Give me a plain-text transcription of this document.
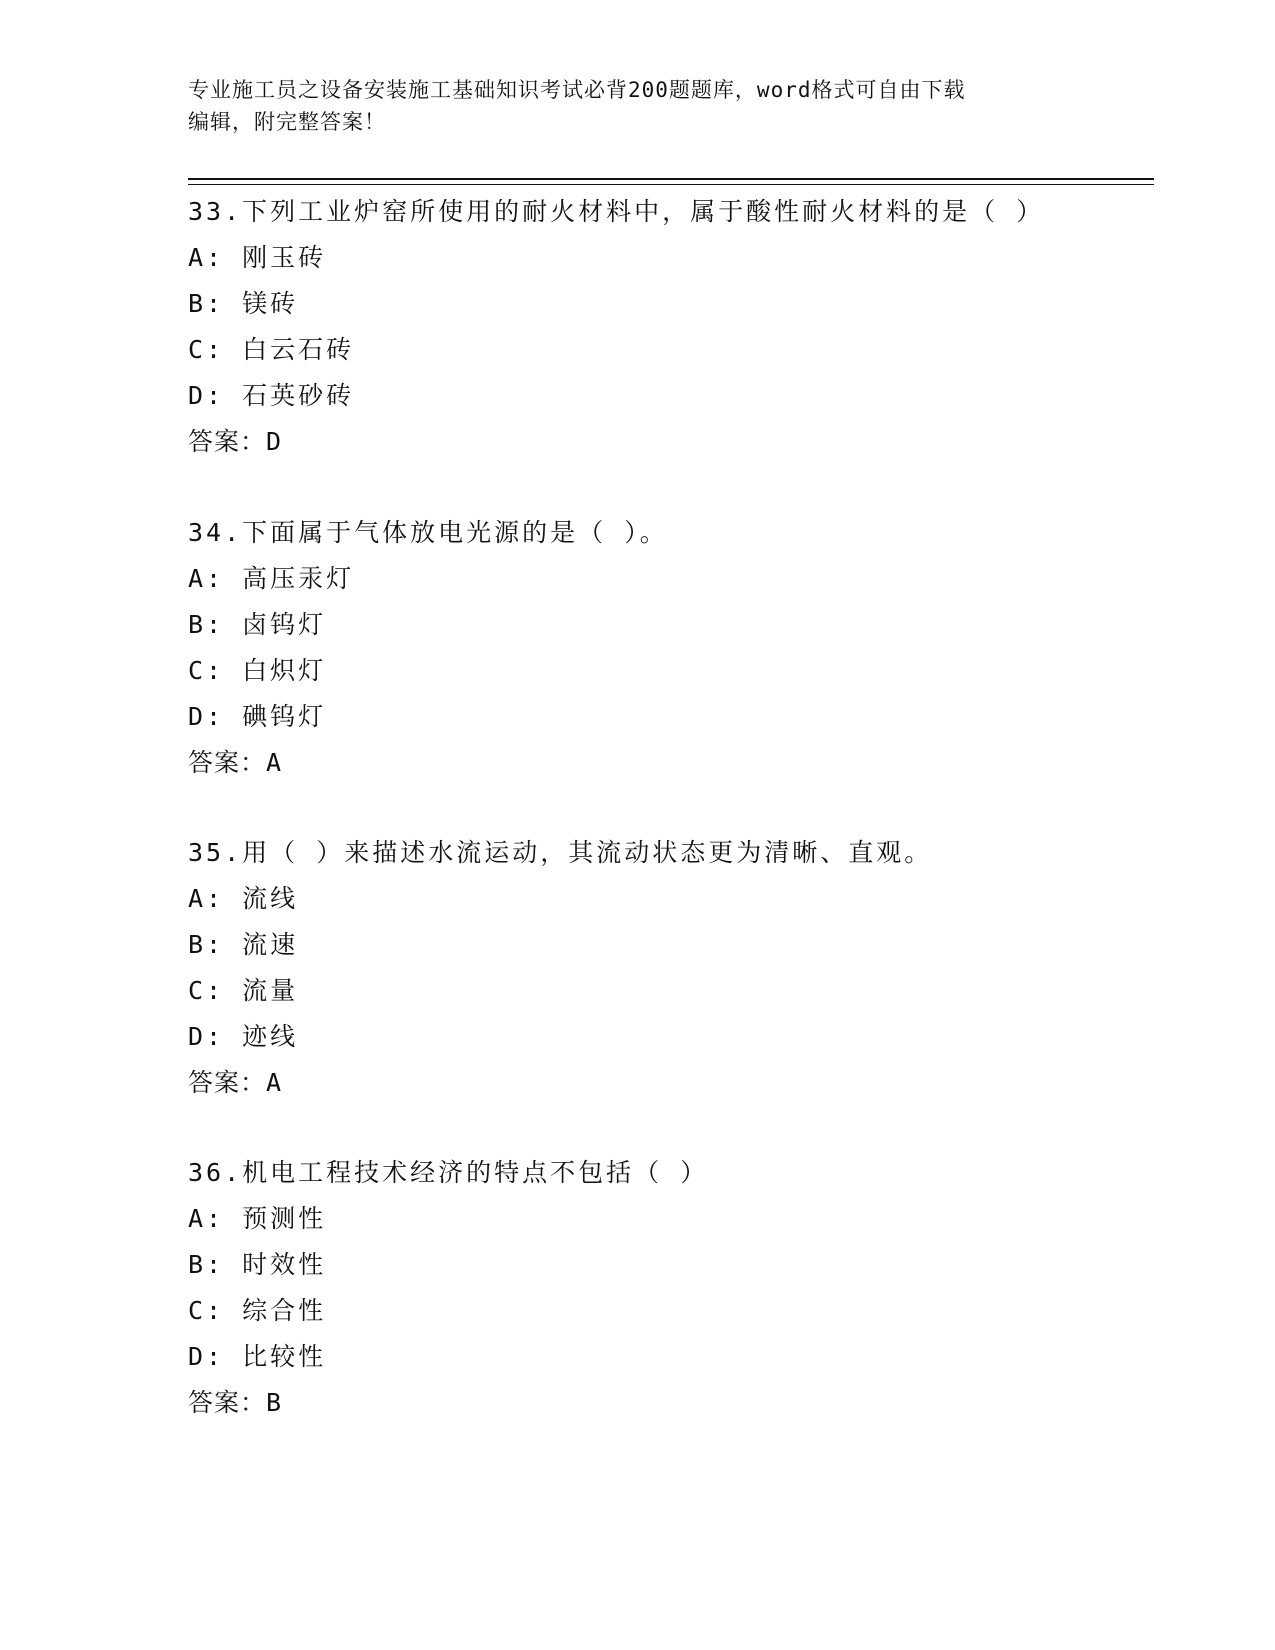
专业施工员之设备安装施工基础知识考试必背200题题库，word格式可自由下载
编辑，附完整答案！
33.下列工业炉窑所使用的耐火材料中，属于酸性耐火材料的是（ ）
A: 刚玉砖
B: 镁砖
C: 白云石砖
D: 石英砂砖
答案：D
34.下面属于气体放电光源的是（ ）。
A: 高压汞灯
B: 卤钨灯
C: 白炽灯
D: 碘钨灯
答案：A
35.用（ ）来描述水流运动，其流动状态更为清晰、直观。
A: 流线
B: 流速
C: 流量
D: 迹线
答案：A
36.机电工程技术经济的特点不包括（ ）
A: 预测性
B: 时效性
C: 综合性
D: 比较性
答案：B
